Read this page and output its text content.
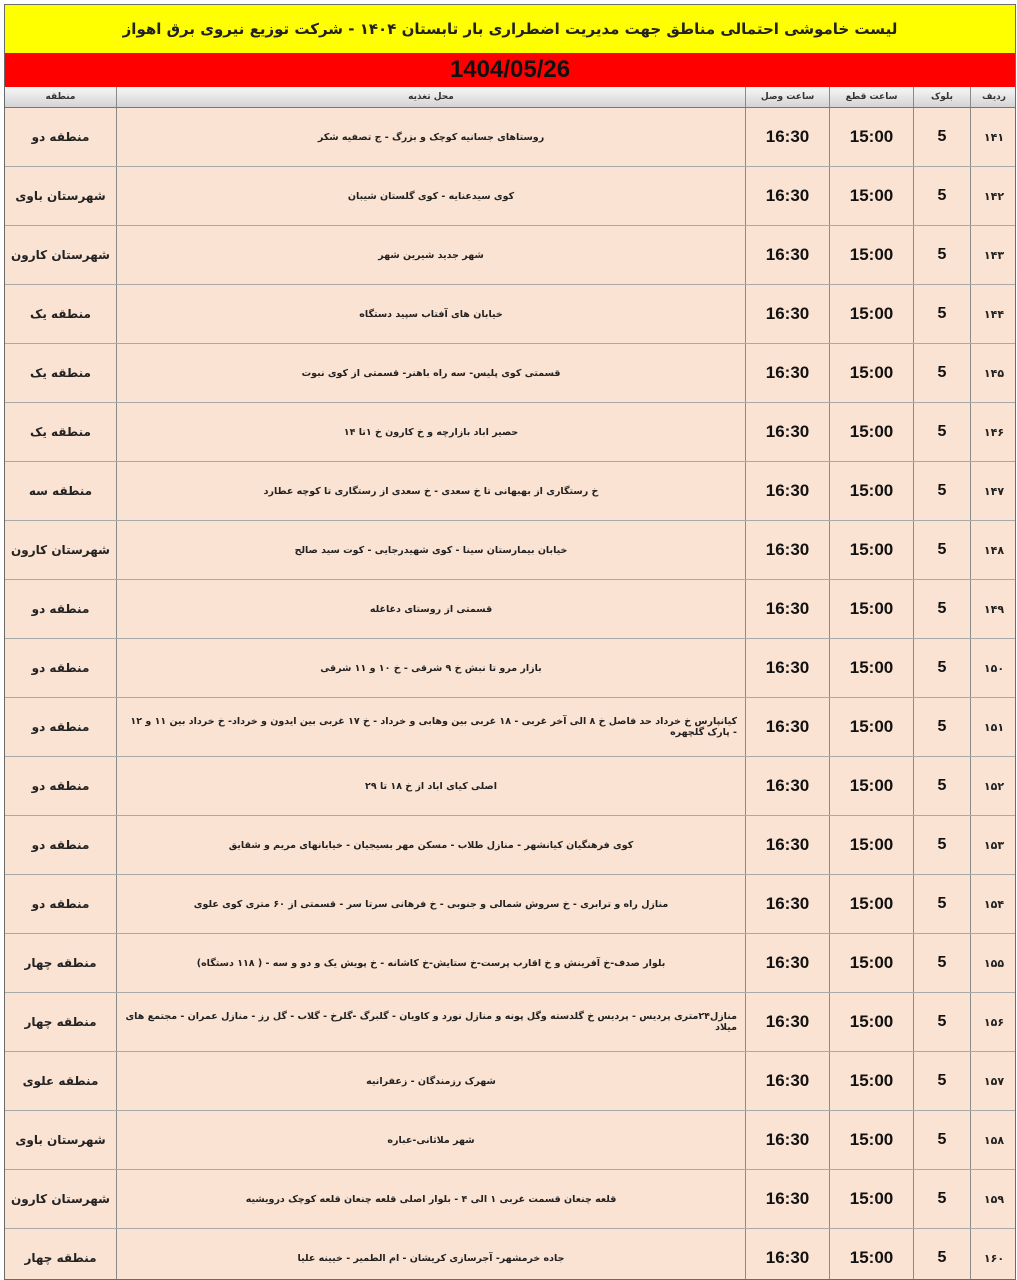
لیست خاموشی احتمالی مناطق جهت مدیریت اضطراری بار تابستان ۱۴۰۴ - شرکت توزیع نیروی برق اهواز
1404/05/26
منطقه	محل تغذیه	ساعت وصل	ساعت قطع	بلوک	ردیف
منطقه دو	روستاهای جسانیه کوچک و بزرگ - ج تصفیه شکر	16:30	15:00	5	۱۴۱
شهرستان باوی	کوی سیدعنایه - کوی گلستان شیبان	16:30	15:00	5	۱۴۲
شهرستان کارون	شهر جدید شیرین شهر	16:30	15:00	5	۱۴۳
منطقه یک	خیابان های آفتاب سپید دستگاه	16:30	15:00	5	۱۴۴
منطقه یک	قسمتی کوی پلیس- سه راه باهنر- قسمتی از کوی نبوت	16:30	15:00	5	۱۴۵
منطقه یک	حصیر اباد بازارچه و خ کارون خ ۱تا ۱۴	16:30	15:00	5	۱۴۶
منطقه سه	خ رستگاری از بهبهانی تا خ سعدی - خ سعدی از رستگاری تا کوچه عطارد	16:30	15:00	5	۱۴۷
شهرستان کارون	خیابان بیمارستان سینا - کوی شهیدرجایی - کوت سید صالح	16:30	15:00	5	۱۴۸
منطقه دو	قسمتی از روستای دغاغله	16:30	15:00	5	۱۴۹
منطقه دو	بازار مرو تا نبش خ ۹ شرقی - خ ۱۰ و ۱۱ شرقی	16:30	15:00	5	۱۵۰
منطقه دو	کیانپارس خ خرداد حد فاصل خ ۸ الی آخر غربی - ۱۸ غربی بین وهابی و خرداد - خ ۱۷ غربی بین ایدون و خرداد- خ خرداد بین ۱۱ و ۱۲ - پارک گلچهره	16:30	15:00	5	۱۵۱
منطقه دو	اصلی کیای اباد از خ ۱۸ تا ۲۹	16:30	15:00	5	۱۵۲
منطقه دو	کوی فرهنگیان کیانشهر - منازل طلاب - مسکن مهر بسیجیان - خیابانهای مریم و شقایق	16:30	15:00	5	۱۵۳
منطقه دو	منازل راه و ترابری - خ سروش شمالی و جنوبی - خ فرهانی سرتا سر - قسمتی از ۶۰ متری کوی علوی	16:30	15:00	5	۱۵۴
منطقه چهار	بلوار صدف-خ آفرینش و خ اقارب پرست-خ ستایش-خ کاشانه - خ پویش یک و دو و سه - ( ۱۱۸ دستگاه)	16:30	15:00	5	۱۵۵
منطقه چهار	منازل۲۴متری پردیس - پردیس خ گلدسته وگل پونه و منازل نورد و کاویان - گلبرگ -گلرخ - گلاب - گل رز - منازل عمران - مجتمع های میلاد	16:30	15:00	5	۱۵۶
منطقه علوی	شهرک رزمندگان - زعفرانیه	16:30	15:00	5	۱۵۷
شهرستان باوی	شهر ملاثانی-عباره	16:30	15:00	5	۱۵۸
شهرستان کارون	قلعه چنعان قسمت غربی ۱ الی ۴ - بلوار اصلی قلعه چنعان قلعه کوچک درویشیه	16:30	15:00	5	۱۵۹
منطقه چهار	جاده خرمشهر- آجرسازی کریشان - ام الطمیر - خیینه علیا	16:30	15:00	5	۱۶۰
